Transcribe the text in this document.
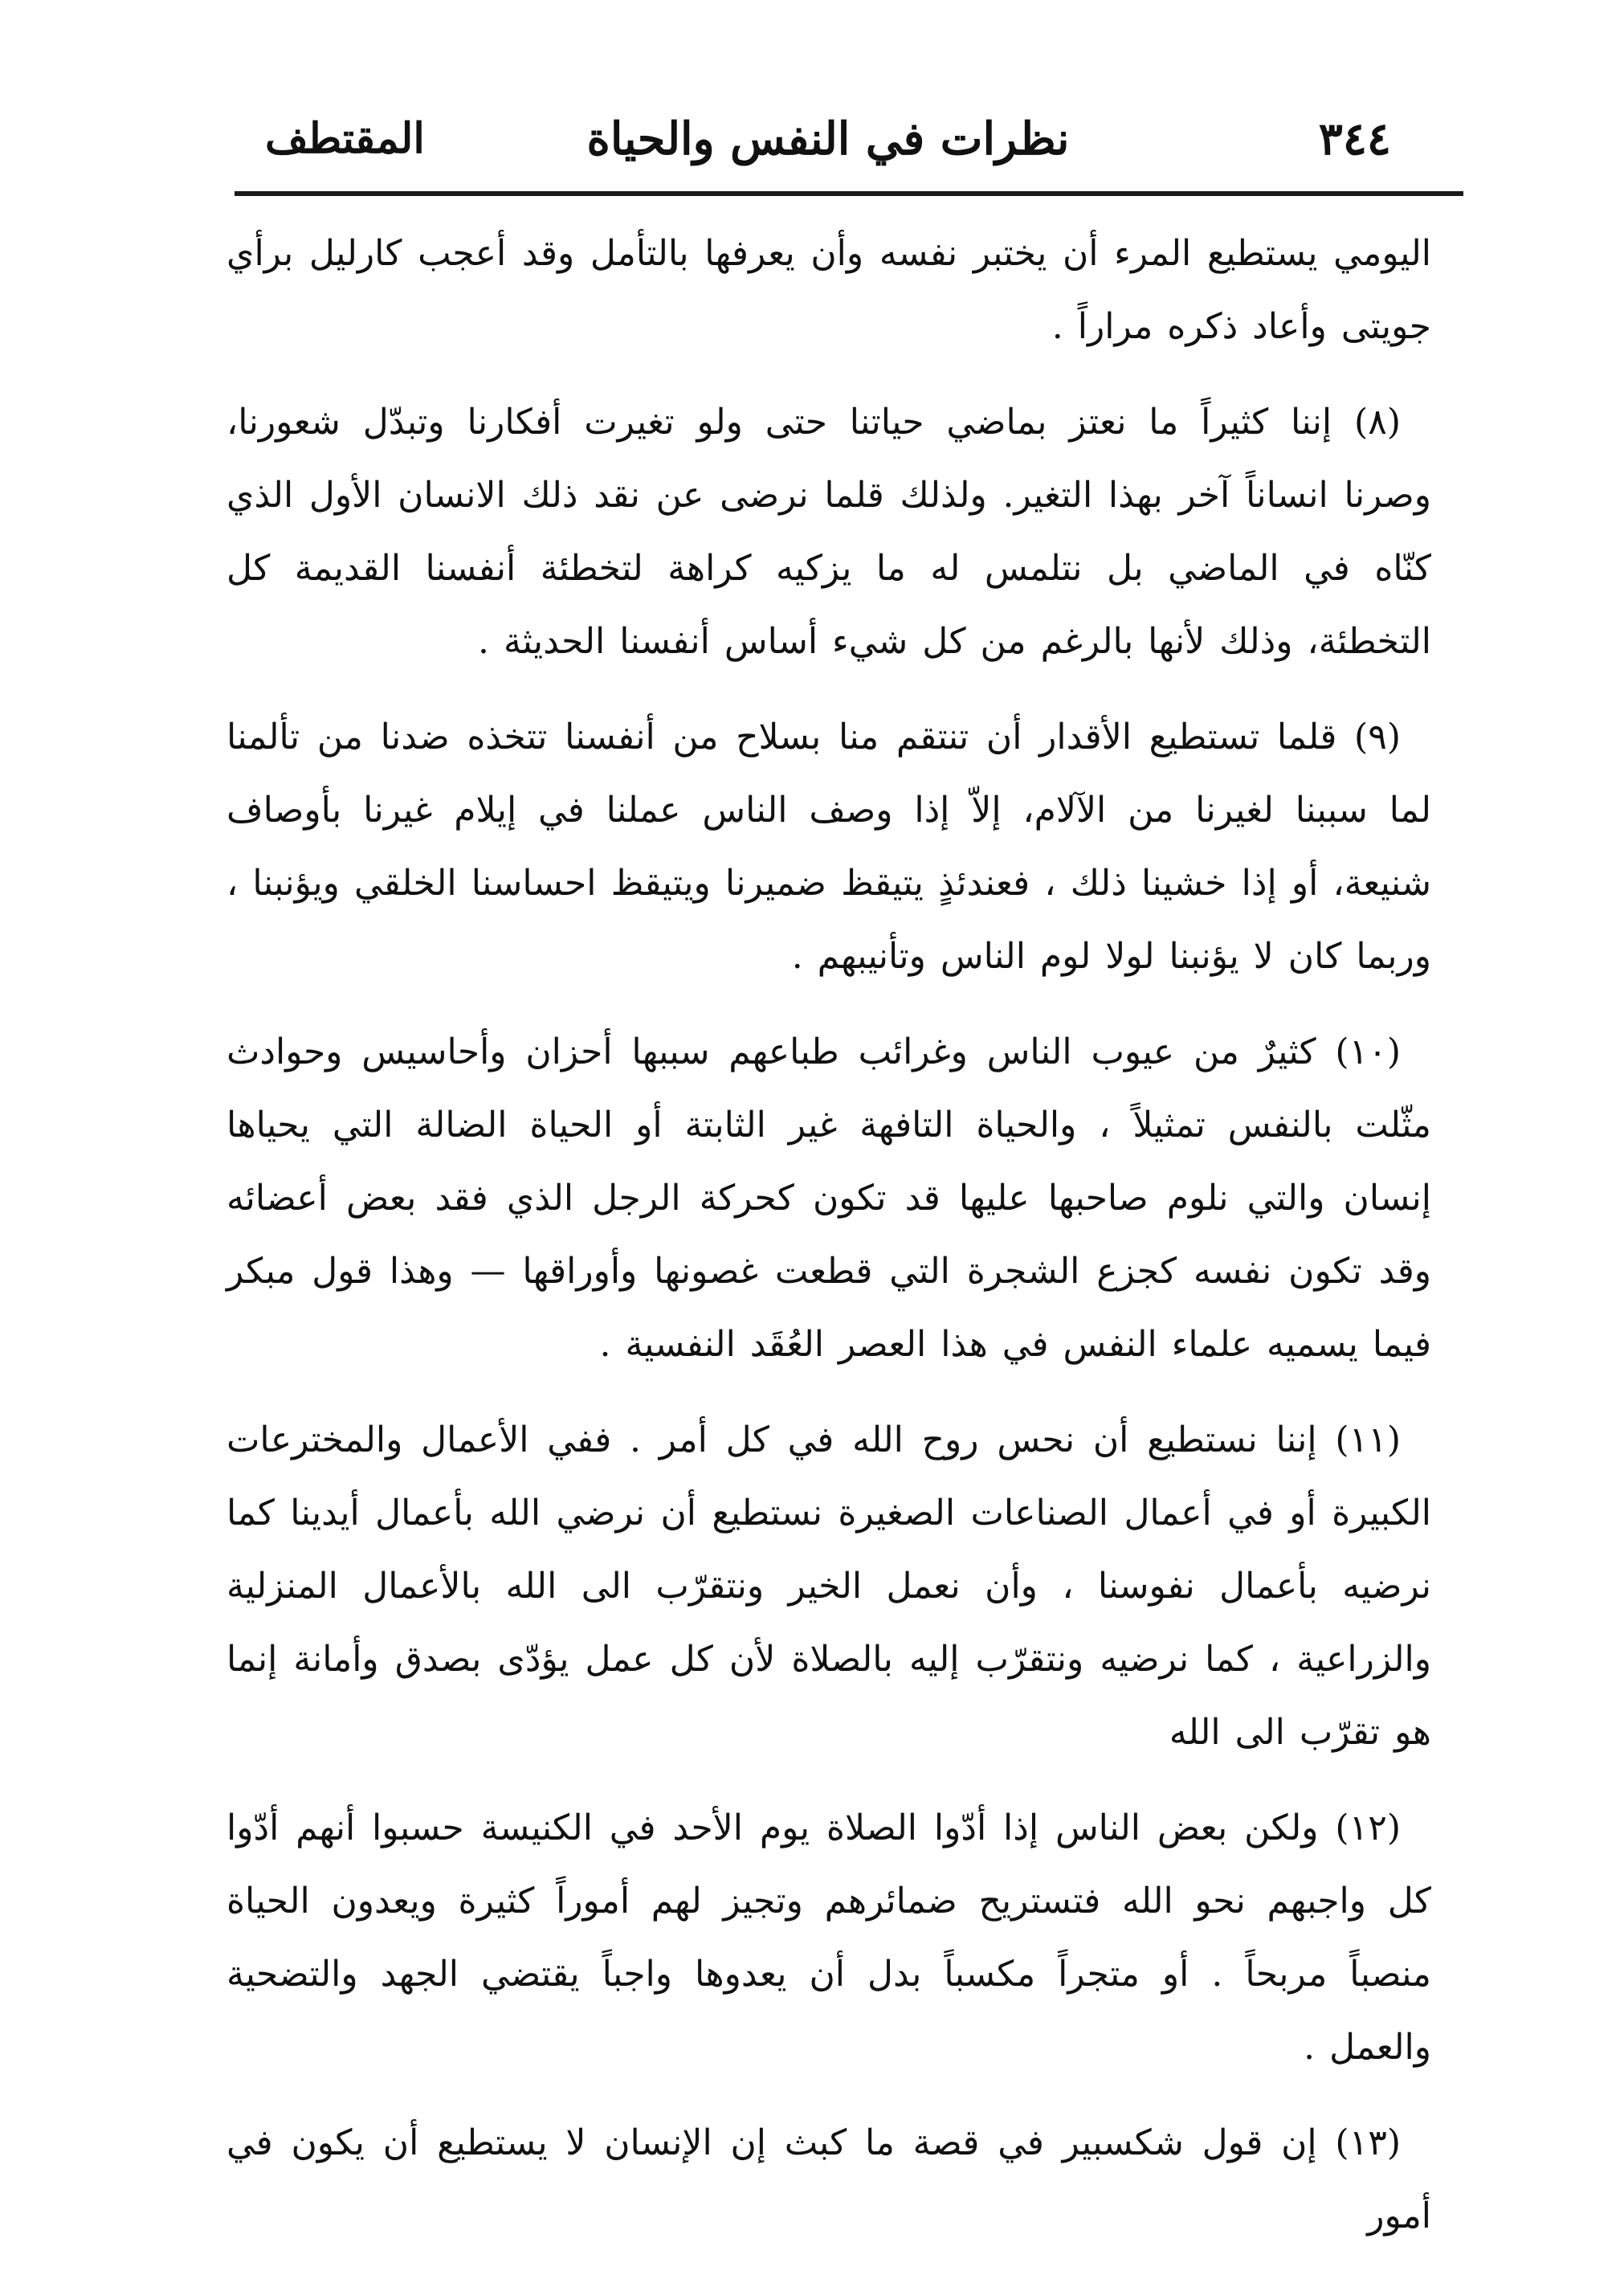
٣٤٤
نظرات في النفس والحياة
المقتطف

اليومي يستطيع المرء أن يختبر نفسه وأن يعرفها بالتأمل وقد أعجب كارليل برأي جويتى وأعاد ذكره مراراً .

(٨) إننا كثيراً ما نعتز بماضي حياتنا حتى ولو تغيرت أفكارنا وتبدّل شعورنا، وصرنا انساناً آخر بهذا التغير. ولذلك قلما نرضى عن نقد ذلك الانسان الأول الذي كنّاه في الماضي بل نتلمس له ما يزكيه كراهة لتخطئة أنفسنا القديمة كل التخطئة، وذلك لأنها بالرغم من كل شيء أساس أنفسنا الحديثة .

(٩) قلما تستطيع الأقدار أن تنتقم منا بسلاح من أنفسنا تتخذه ضدنا من تألمنا لما سببنا لغيرنا من الآلام، إلاّ إذا وصف الناس عملنا في إيلام غيرنا بأوصاف شنيعة، أو إذا خشينا ذلك ، فعندئذٍ يتيقظ ضميرنا ويتيقظ احساسنا الخلقي ويؤنبنا ، وربما كان لا يؤنبنا لولا لوم الناس وتأنيبهم .

(١٠) كثيرٌ من عيوب الناس وغرائب طباعهم سببها أحزان وأحاسيس وحوادث مثّلت بالنفس تمثيلاً ، والحياة التافهة غير الثابتة أو الحياة الضالة التي يحياها إنسان والتي نلوم صاحبها عليها قد تكون كحركة الرجل الذي فقد بعض أعضائه وقد تكون نفسه كجزع الشجرة التي قطعت غصونها وأوراقها — وهذا قول مبكر فيما يسميه علماء النفس في هذا العصر العُقَد النفسية .

(١١) إننا نستطيع أن نحس روح الله في كل أمر . ففي الأعمال والمخترعات الكبيرة أو في أعمال الصناعات الصغيرة نستطيع أن نرضي الله بأعمال أيدينا كما نرضيه بأعمال نفوسنا ، وأن نعمل الخير ونتقرّب الى الله بالأعمال المنزلية والزراعية ، كما نرضيه ونتقرّب إليه بالصلاة لأن كل عمل يؤدّى بصدق وأمانة إنما هو تقرّب الى الله

(١٢) ولكن بعض الناس إذا أدّوا الصلاة يوم الأحد في الكنيسة حسبوا أنهم أدّوا كل واجبهم نحو الله فتستريح ضمائرهم وتجيز لهم أموراً كثيرة ويعدون الحياة منصباً مربحاً . أو متجراً مكسباً بدل أن يعدوها واجباً يقتضي الجهد والتضحية والعمل .

(١٣) إن قول شكسبير في قصة ما كبث إن الإنسان لا يستطيع أن يكون في أمور
